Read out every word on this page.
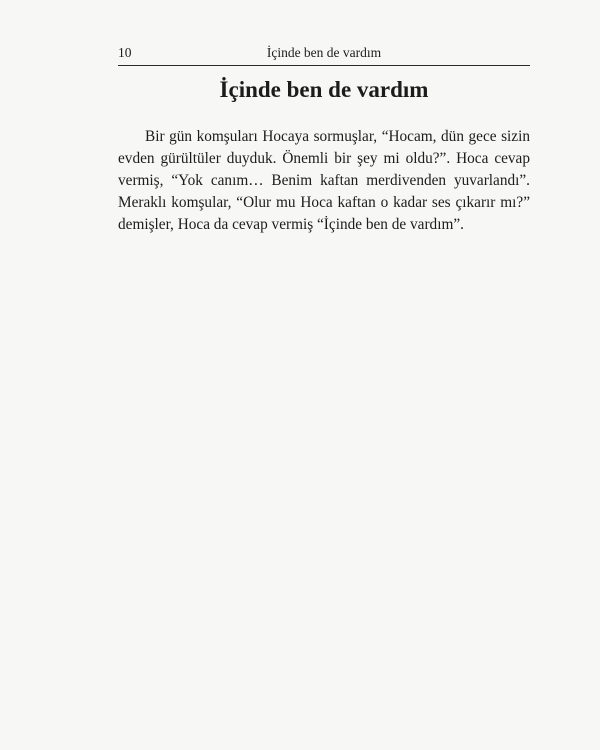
10	İçinde ben de vardım
İçinde ben de vardım

Bir gün komşuları Hocaya sormuşlar, “Hocam, dün gece sizin
evden gürültüler duyduk. Önemli bir şey mi oldu?”. Hoca cevap
vermiş, “Yok canım… Benim kaftan merdivenden yuvarlandı”.
Meraklı komşular, “Olur mu Hoca kaftan o kadar ses çıkarır mı?”
demişler, Hoca da cevap vermiş “İçinde ben de vardım”.
